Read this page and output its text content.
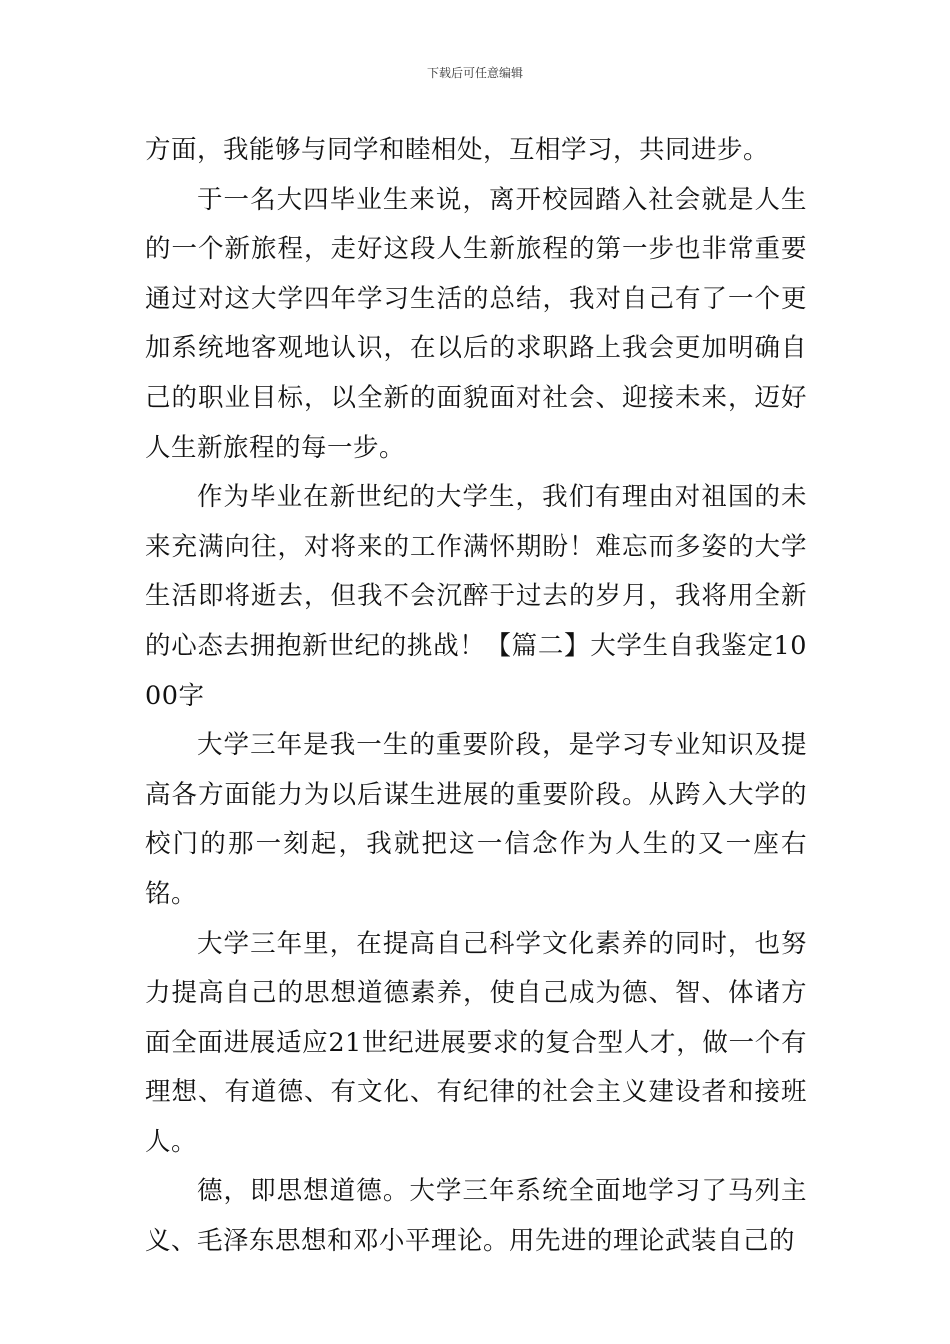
下载后可任意编辑

方面，我能够与同学和睦相处，互相学习，共同进步。

于一名大四毕业生来说，离开校园踏入社会就是人生的一个新旅程，走好这段人生新旅程的第一步也非常重要通过对这大学四年学习生活的总结，我对自己有了一个更加系统地客观地认识，在以后的求职路上我会更加明确自己的职业目标，以全新的面貌面对社会、迎接未来，迈好人生新旅程的每一步。

作为毕业在新世纪的大学生，我们有理由对祖国的未来充满向往，对将来的工作满怀期盼！难忘而多姿的大学生活即将逝去，但我不会沉醉于过去的岁月，我将用全新的心态去拥抱新世纪的挑战！【篇二】大学生自我鉴定1000字

大学三年是我一生的重要阶段，是学习专业知识及提高各方面能力为以后谋生进展的重要阶段。从跨入大学的校门的那一刻起，我就把这一信念作为人生的又一座右铭。

大学三年里，在提高自己科学文化素养的同时，也努力提高自己的思想道德素养，使自己成为德、智、体诸方面全面进展适应21世纪进展要求的复合型人才，做一个有理想、有道德、有文化、有纪律的社会主义建设者和接班人。

德，即思想道德。大学三年系统全面地学习了马列主义、毛泽东思想和邓小平理论。用先进的理论武装自己的
